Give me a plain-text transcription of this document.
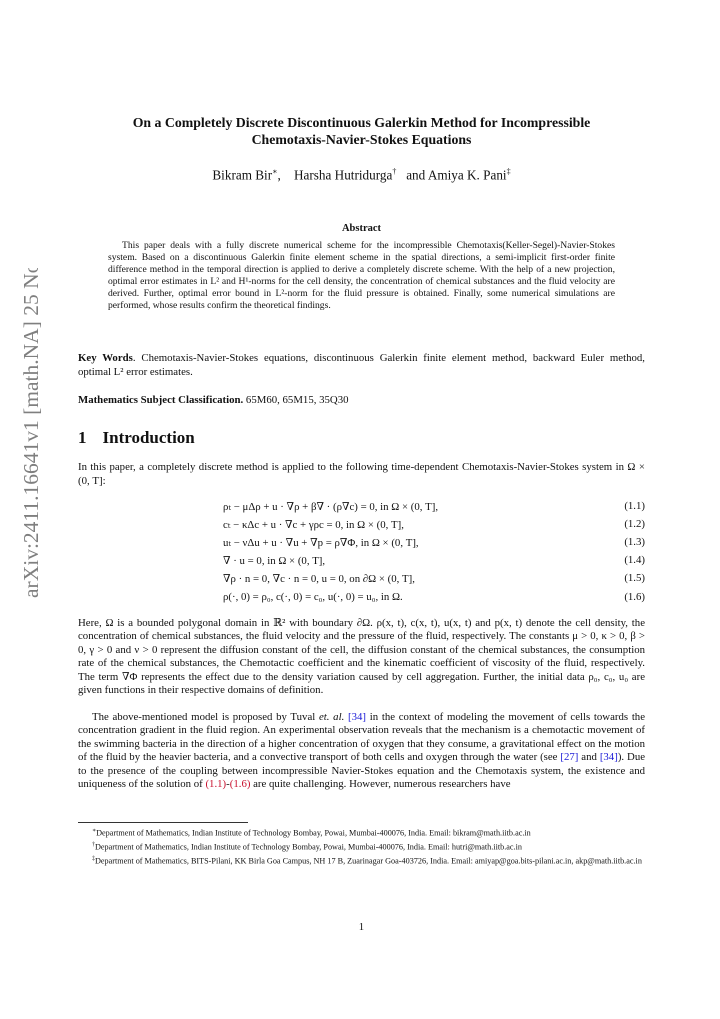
arXiv:2411.16641v1 [math.NA] 25 Nov 2024
On a Completely Discrete Discontinuous Galerkin Method for Incompressible
Chemotaxis-Navier-Stokes Equations
Bikram Bir∗,    Harsha Hutridurga† and Amiya K. Pani‡
Abstract

This paper deals with a fully discrete numerical scheme for the incompressible Chemotaxis(Keller-Segel)-Navier-Stokes system. Based on a discontinuous Galerkin finite element scheme in the spatial directions, a semi-implicit first-order finite difference method in the temporal direction is applied to derive a completely discrete scheme. With the help of a new projection, optimal error estimates in L² and H¹-norms for the cell density, the concentration of chemical substances and the fluid velocity are derived. Further, optimal error bound in L²-norm for the fluid pressure is obtained. Finally, some numerical simulations are performed, whose results confirm the theoretical findings.

Key Words. Chemotaxis-Navier-Stokes equations, discontinuous Galerkin finite element method, backward Euler method, optimal L² error estimates.

Mathematics Subject Classification. 65M60, 65M15, 35Q30

1 Introduction

In this paper, a completely discrete method is applied to the following time-dependent Chemotaxis-Navier-Stokes system in Ω × (0, T]:

ρₜ − μΔρ + u · ∇ρ + β∇ · (ρ∇c) = 0, in Ω × (0, T],	(1.1)
cₜ − κΔc + u · ∇c + γρc = 0, in Ω × (0, T],	(1.2)
uₜ − νΔu + u · ∇u + ∇p = ρ∇Φ, in Ω × (0, T],	(1.3)
∇ · u = 0, in Ω × (0, T],	(1.4)
∇ρ · n = 0, ∇c · n = 0, u = 0, on ∂Ω × (0, T],	(1.5)
ρ(·, 0) = ρ₀, c(·, 0) = c₀, u(·, 0) = u₀, in Ω.	(1.6)

Here, Ω is a bounded polygonal domain in ℝ² with boundary ∂Ω. ρ(x, t), c(x, t), u(x, t) and p(x, t) denote the cell density, the concentration of chemical substances, the fluid velocity and the pressure of the fluid, respectively. The constants μ > 0, κ > 0, β > 0, γ > 0 and ν > 0 represent the diffusion constant of the cell, the diffusion constant of the chemical substances, the consumption rate of the chemical substances, the Chemotactic coefficient and the kinematic coefficient of viscosity of the fluid, respectively. The term ∇Φ represents the effect due to the density variation caused by cell aggregation. Further, the initial data ρ₀, c₀, u₀ are given functions in their respective domains of definition.

The above-mentioned model is proposed by Tuval et. al. [34] in the context of modeling the movement of cells towards the concentration gradient in the fluid region. An experimental observation reveals that the mechanism is a chemotactic movement of the swimming bacteria in the direction of a higher concentration of oxygen that they consume, a gravitational effect on the motion of the fluid by the heavier bacteria, and a convective transport of both cells and oxygen through the water (see [27] and [34]). Due to the presence of the coupling between incompressible Navier-Stokes equation and the Chemotaxis system, the existence and uniqueness of the solution of (1.1)-(1.6) are quite challenging. However, numerous researchers have

∗Department of Mathematics, Indian Institute of Technology Bombay, Powai, Mumbai-400076, India. Email: bikram@math.iitb.ac.in

†Department of Mathematics, Indian Institute of Technology Bombay, Powai, Mumbai-400076, India. Email: hutri@math.iitb.ac.in

‡Department of Mathematics, BITS-Pilani, KK Birla Goa Campus, NH 17 B, Zuarinagar Goa-403726, India. Email: amiyap@goa.bits-pilani.ac.in, akp@math.iitb.ac.in

1
